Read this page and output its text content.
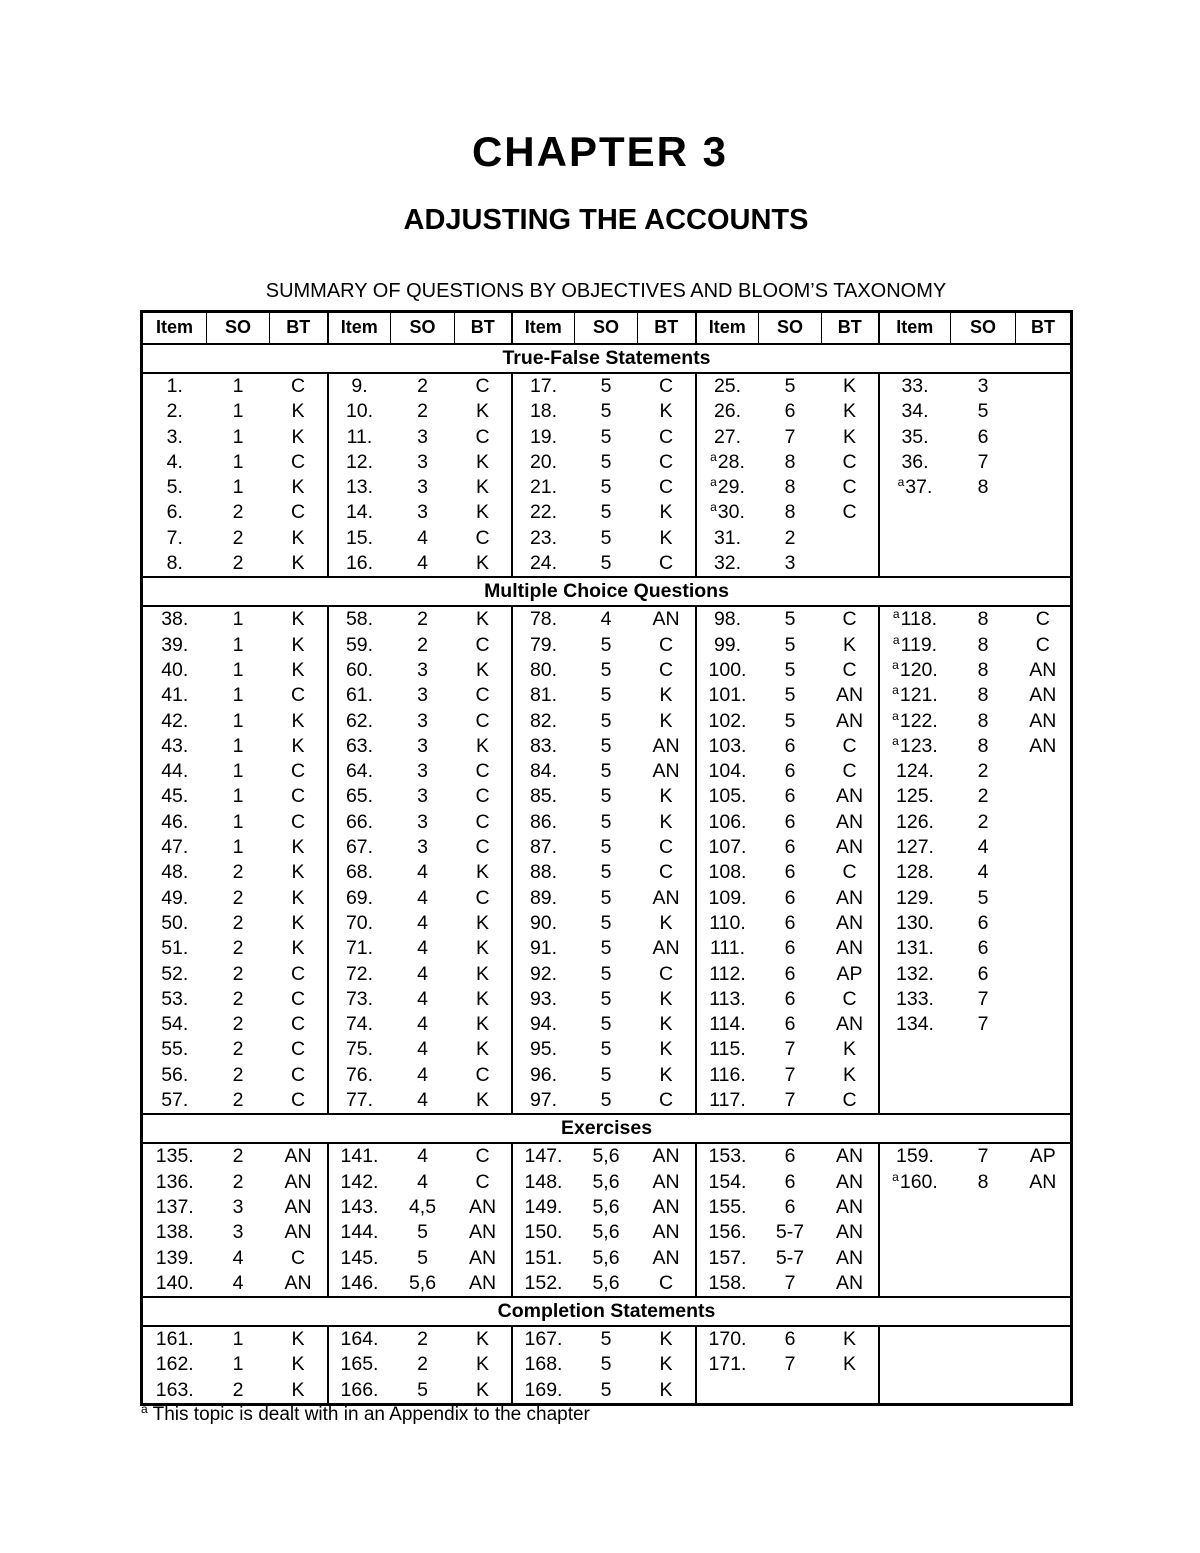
CHAPTER 3
ADJUSTING THE ACCOUNTS
SUMMARY OF QUESTIONS BY OBJECTIVES AND BLOOM’S TAXONOMY
Item	SO	BT	Item	SO	BT	Item	SO	BT	Item	SO	BT	Item	SO	BT
True-False Statements														
1.	1	C	9.	2	C	17.	5	C	25.	5	K	33.	3	
2.	1	K	10.	2	K	18.	5	K	26.	6	K	34.	5	
3.	1	K	11.	3	C	19.	5	C	27.	7	K	35.	6	
4.	1	C	12.	3	K	20.	5	C	$^a$28.	8	C	36.	7	
5.	1	K	13.	3	K	21.	5	C	$^a$29.	8	C	$^a$37.	8	
6.	2	C	14.	3	K	22.	5	K	$^a$30.	8	C			
7.	2	K	15.	4	C	23.	5	K	31.	2				
8.	2	K	16.	4	K	24.	5	C	32.	3				
Multiple Choice Questions														
38.	1	K	58.	2	K	78.	4	AN	98.	5	C	$^a$118.	8	C
39.	1	K	59.	2	C	79.	5	C	99.	5	K	$^a$119.	8	C
40.	1	K	60.	3	K	80.	5	C	100.	5	C	$^a$120.	8	AN
41.	1	C	61.	3	C	81.	5	K	101.	5	AN	$^a$121.	8	AN
42.	1	K	62.	3	C	82.	5	K	102.	5	AN	$^a$122.	8	AN
43.	1	K	63.	3	K	83.	5	AN	103.	6	C	$^a$123.	8	AN
44.	1	C	64.	3	C	84.	5	AN	104.	6	C	124.	2	
45.	1	C	65.	3	C	85.	5	K	105.	6	AN	125.	2	
46.	1	C	66.	3	C	86.	5	K	106.	6	AN	126.	2	
47.	1	K	67.	3	C	87.	5	C	107.	6	AN	127.	4	
48.	2	K	68.	4	K	88.	5	C	108.	6	C	128.	4	
49.	2	K	69.	4	C	89.	5	AN	109.	6	AN	129.	5	
50.	2	K	70.	4	K	90.	5	K	110.	6	AN	130.	6	
51.	2	K	71.	4	K	91.	5	AN	111.	6	AN	131.	6	
52.	2	C	72.	4	K	92.	5	C	112.	6	AP	132.	6	
53.	2	C	73.	4	K	93.	5	K	113.	6	C	133.	7	
54.	2	C	74.	4	K	94.	5	K	114.	6	AN	134.	7	
55.	2	C	75.	4	K	95.	5	K	115.	7	K			
56.	2	C	76.	4	C	96.	5	K	116.	7	K			
57.	2	C	77.	4	K	97.	5	C	117.	7	C			
Exercises														
135.	2	AN	141.	4	C	147.	5,6	AN	153.	6	AN	159.	7	AP
136.	2	AN	142.	4	C	148.	5,6	AN	154.	6	AN	$^a$160.	8	AN
137.	3	AN	143.	4,5	AN	149.	5,6	AN	155.	6	AN			
138.	3	AN	144.	5	AN	150.	5,6	AN	156.	5-7	AN			
139.	4	C	145.	5	AN	151.	5,6	AN	157.	5-7	AN			
140.	4	AN	146.	5,6	AN	152.	5,6	C	158.	7	AN			
Completion Statements														
161.	1	K	164.	2	K	167.	5	K	170.	6	K			
162.	1	K	165.	2	K	168.	5	K	171.	7	K			
163.	2	K	166.	5	K	169.	5	K						

$^a$ This topic is dealt with in an Appendix to the chapter
